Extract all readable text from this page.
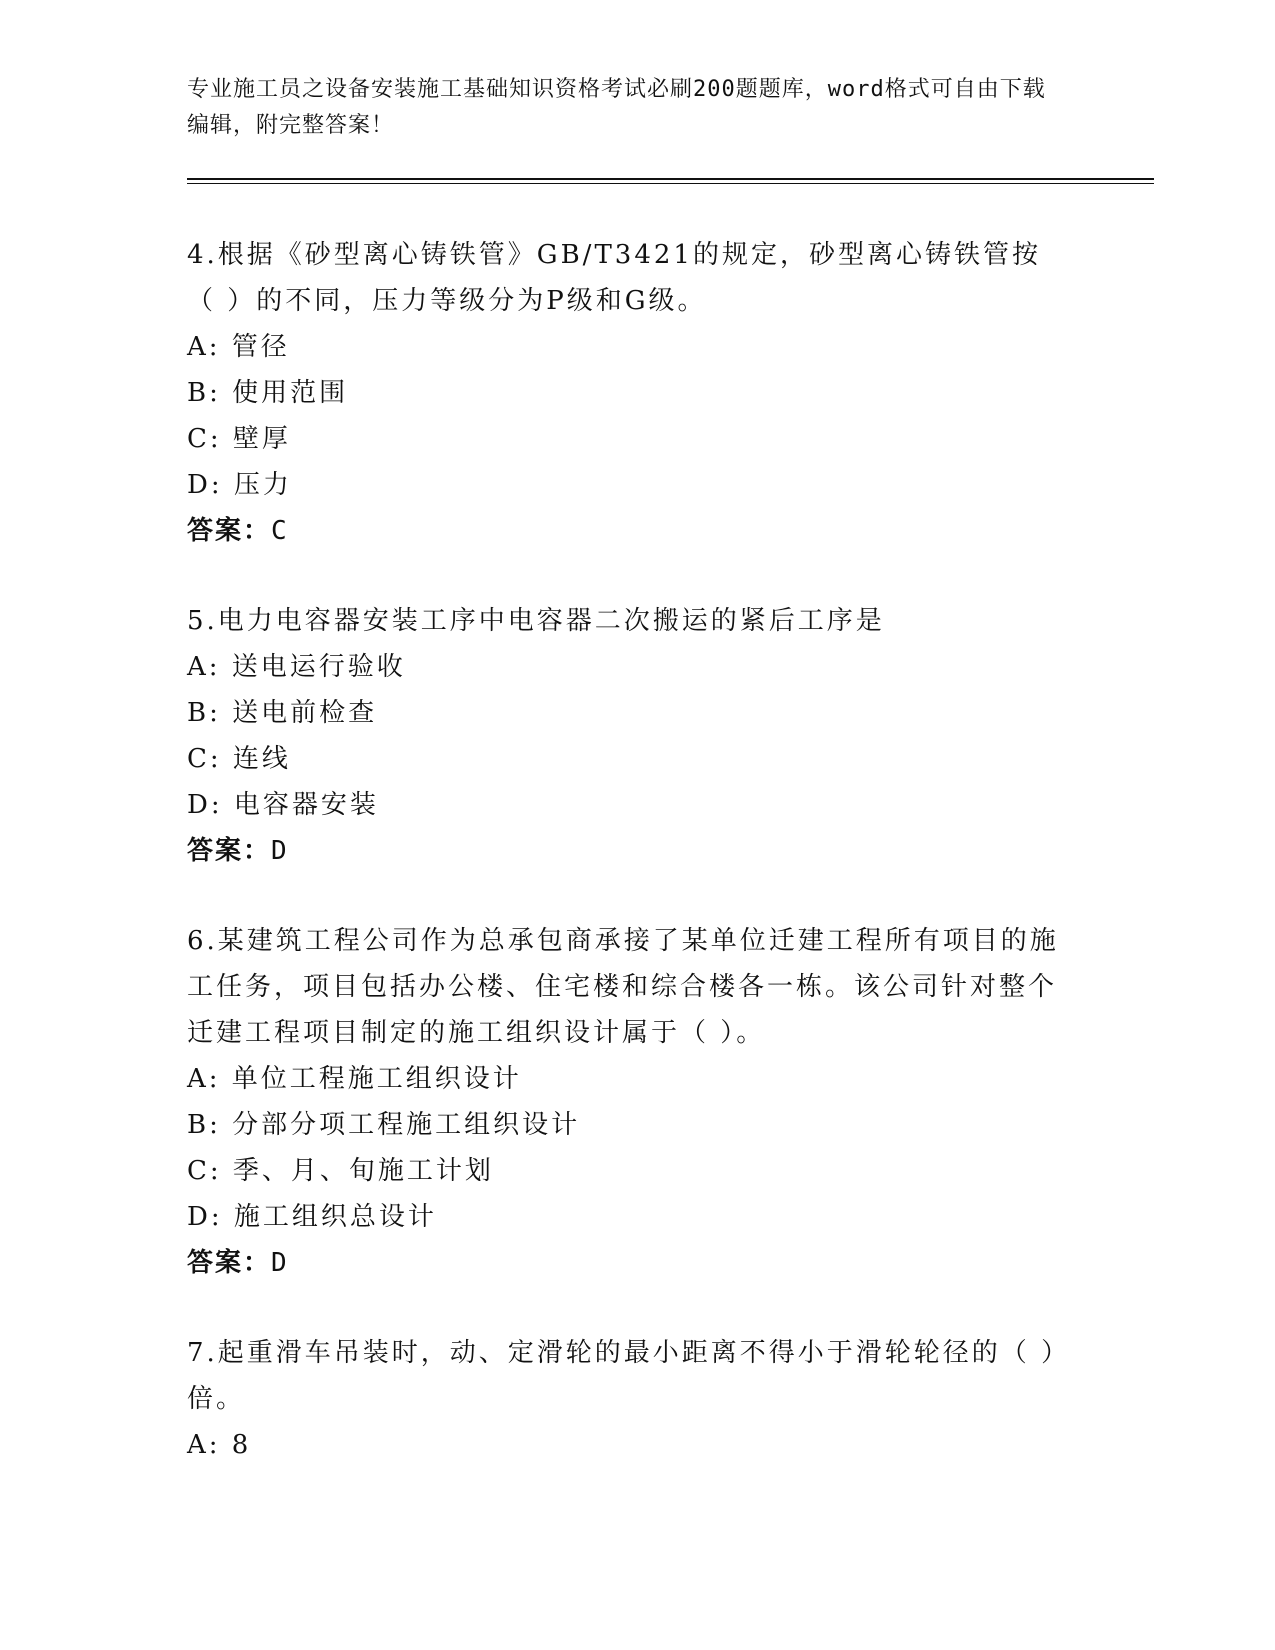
专业施工员之设备安装施工基础知识资格考试必刷200题题库，word格式可自由下载编辑，附完整答案！
4.根据《砂型离心铸铁管》GB/T3421的规定，砂型离心铸铁管按（ ）的不同，压力等级分为P级和G级。
A: 管径
B: 使用范围
C: 壁厚
D: 压力
答案：C
5.电力电容器安装工序中电容器二次搬运的紧后工序是
A: 送电运行验收
B: 送电前检查
C: 连线
D: 电容器安装
答案：D
6.某建筑工程公司作为总承包商承接了某单位迁建工程所有项目的施工任务，项目包括办公楼、住宅楼和综合楼各一栋。该公司针对整个迁建工程项目制定的施工组织设计属于（ ）。
A: 单位工程施工组织设计
B: 分部分项工程施工组织设计
C: 季、月、旬施工计划
D: 施工组织总设计
答案：D
7.起重滑车吊装时，动、定滑轮的最小距离不得小于滑轮轮径的（ ）倍。
A: 8
